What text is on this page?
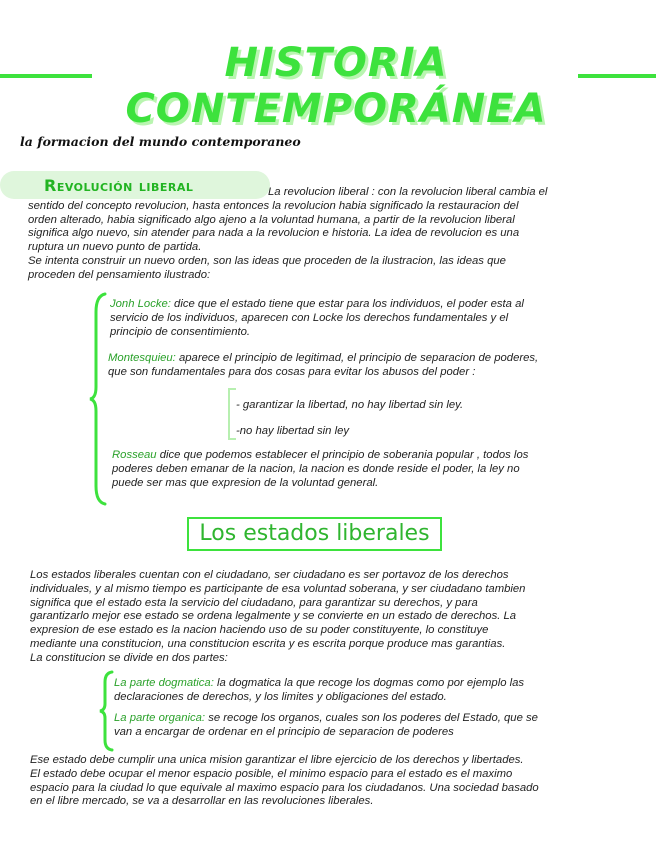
HISTORIA CONTEMPORÁNEA
la formacion del mundo contemporaneo
Revolución liberal	La revolucion liberal : con la revolucion liberal cambia el
sentido del concepto revolucion, hasta entonces la revolucion habia significado la restauracion del
orden alterado, habia significado algo ajeno a la voluntad humana, a partir de la revolucion liberal
significa algo nuevo, sin atender para nada a la revolucion e historia. La idea de revolucion es una
ruptura un nuevo punto de partida.
Se intenta construir un nuevo orden, son las ideas que proceden de la ilustracion, las ideas que
proceden del pensamiento ilustrado:
Jonh Locke: dice que el estado tiene que estar para los individuos, el poder esta al
servicio de los individuos, aparecen con Locke los derechos fundamentales y el
principio de consentimiento.
Montesquieu: aparece el principio de legitimad, el principio de separacion de poderes,
que son fundamentales para dos cosas para evitar los abusos del poder :
- garantizar la libertad, no hay libertad sin ley.
-no hay libertad sin ley
Rosseau dice que podemos establecer el principio de soberania popular , todos los
poderes deben emanar de la nacion, la nacion es donde reside el poder, la ley no
puede ser mas que expresion de la voluntad general.
Los estados liberales
Los estados liberales cuentan con el ciudadano, ser ciudadano es ser portavoz de los derechos
individuales, y al mismo tiempo es participante de esa voluntad soberana, y ser ciudadano tambien
significa que el estado esta la servicio del ciudadano, para garantizar su derechos, y para
garantizarlo mejor ese estado se ordena legalmente y se convierte en un estado de derechos. La
expresion de ese estado es la nacion haciendo uso de su poder constituyente, lo constituye
mediante una constitucion, una constitucion escrita y es escrita porque produce mas garantias.
La constitucion se divide en dos partes:
La parte dogmatica: la dogmatica la que recoge los dogmas como por ejemplo las
declaraciones de derechos, y los limites y obligaciones del estado.
La parte organica: se recoge los organos, cuales son los poderes del Estado, que se
van a encargar de ordenar en el principio de separacion de poderes
Ese estado debe cumplir una unica mision garantizar el libre ejercicio de los derechos y libertades.
El estado debe ocupar el menor espacio posible, el minimo espacio para el estado es el maximo
espacio para la ciudad lo que equivale al maximo espacio para los ciudadanos. Una sociedad basado
en el libre mercado, se va a desarrollar en las revoluciones liberales.
